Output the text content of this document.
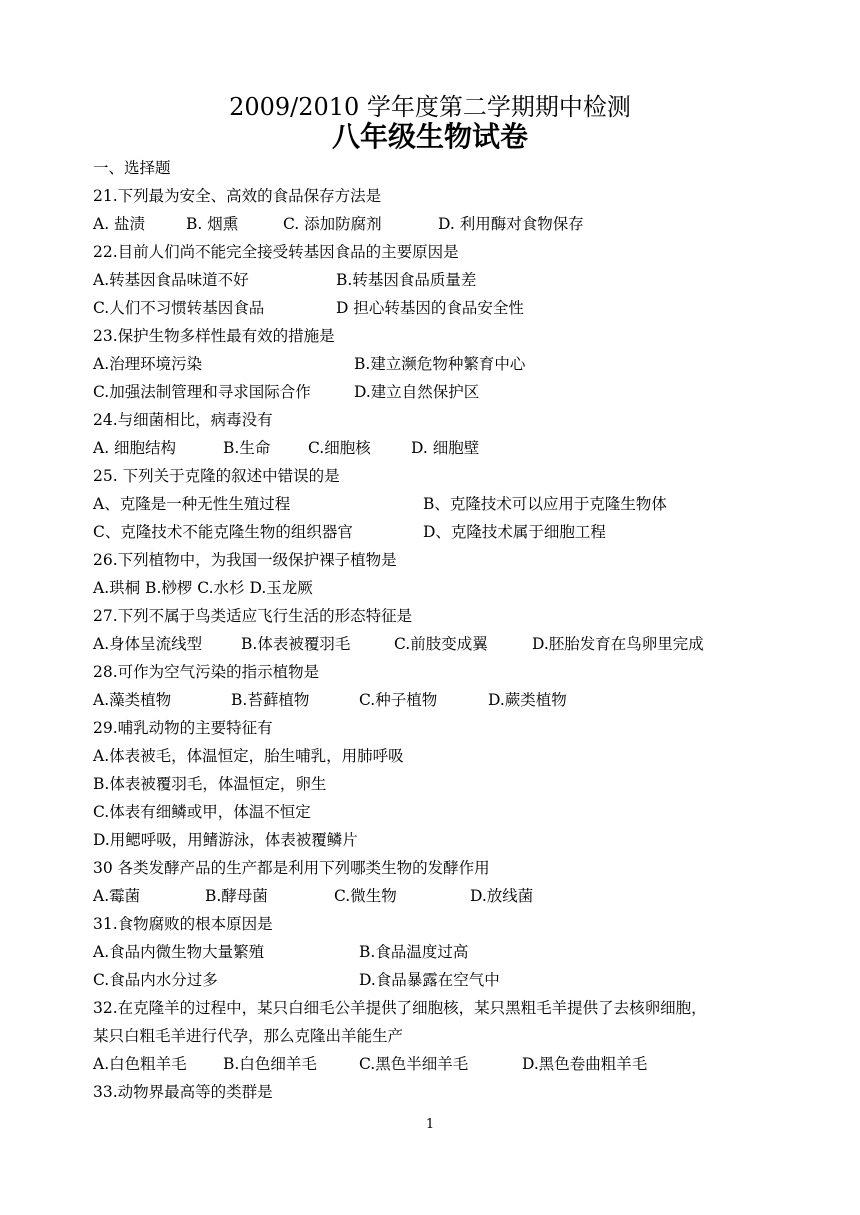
2009/2010 学年度第二学期期中检测
八年级生物试卷
一、选择题
21.下列最为安全、高效的食品保存方法是
A. 盐渍	B. 烟熏	C. 添加防腐剂	D. 利用酶对食物保存
22.目前人们尚不能完全接受转基因食品的主要原因是
A.转基因食品味道不好	B.转基因食品质量差
C.人们不习惯转基因食品	D 担心转基因的食品安全性
23.保护生物多样性最有效的措施是
A.治理环境污染	B.建立濒危物种繁育中心
C.加强法制管理和寻求国际合作	D.建立自然保护区
24.与细菌相比，病毒没有
A. 细胞结构	B.生命 C.细胞核	D. 细胞壁
25. 下列关于克隆的叙述中错误的是
A、克隆是一种无性生殖过程	B、克隆技术可以应用于克隆生物体
C、克隆技术不能克隆生物的组织器官	D、克隆技术属于细胞工程
26.下列植物中，为我国一级保护裸子植物是
A.珙桐 B.桫椤 C.水杉 D.玉龙厥
27.下列不属于鸟类适应飞行生活的形态特征是
A.身体呈流线型	B.体表被覆羽毛	C.前肢变成翼	D.胚胎发育在鸟卵里完成
28.可作为空气污染的指示植物是
A.藻类植物	B.苔藓植物	C.种子植物	D.蕨类植物
29.哺乳动物的主要特征有
A.体表被毛，体温恒定，胎生哺乳，用肺呼吸
B.体表被覆羽毛，体温恒定，卵生
C.体表有细鳞或甲，体温不恒定
D.用鳃呼吸，用鳍游泳，体表被覆鳞片
30 各类发酵产品的生产都是利用下列哪类生物的发酵作用
A.霉菌	B.酵母菌	C.微生物	D.放线菌
31.食物腐败的根本原因是
A.食品内微生物大量繁殖	B.食品温度过高
C.食品内水分过多	D.食品暴露在空气中
32.在克隆羊的过程中，某只白细毛公羊提供了细胞核，某只黑粗毛羊提供了去核卵细胞，
某只白粗毛羊进行代孕，那么克隆出羊能生产
A.白色粗羊毛 B.白色细羊毛	C.黑色半细羊毛	D.黑色卷曲粗羊毛
33.动物界最高等的类群是
1
